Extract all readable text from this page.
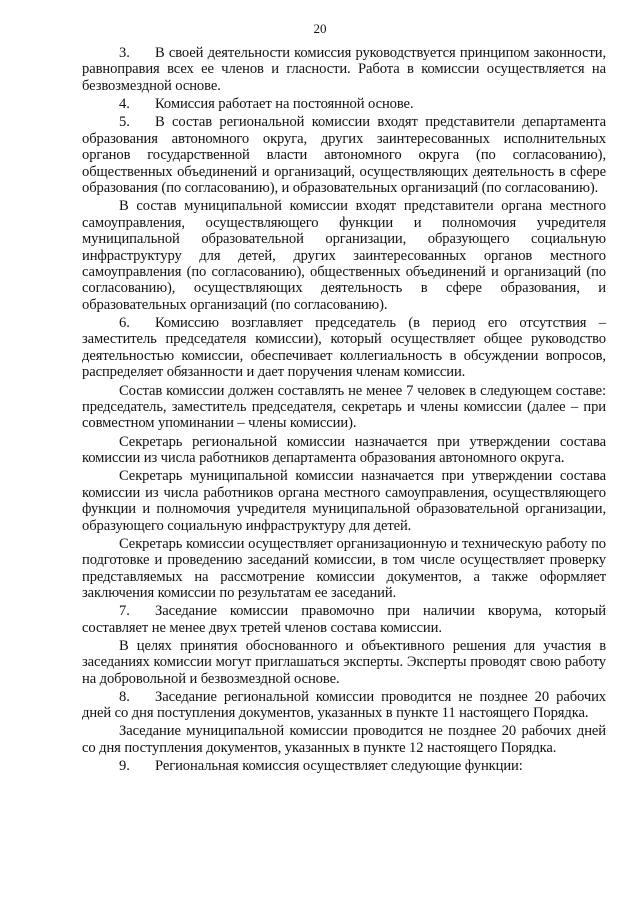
20

3. В своей деятельности комиссия руководствуется принципом законности, равноправия всех ее членов и гласности. Работа в комиссии осуществляется на безвозмездной основе.

4. Комиссия работает на постоянной основе.

5. В состав региональной комиссии входят представители департамента образования автономного округа, других заинтересованных исполнительных органов государственной власти автономного округа (по согласованию), общественных объединений и организаций, осуществляющих деятельность в сфере образования (по согласованию), и образовательных организаций (по согласованию).

В состав муниципальной комиссии входят представители органа местного самоуправления, осуществляющего функции и полномочия учредителя муниципальной образовательной организации, образующего социальную инфраструктуру для детей, других заинтересованных органов местного самоуправления (по согласованию), общественных объединений и организаций (по согласованию), осуществляющих деятельность в сфере образования, и образовательных организаций (по согласованию).

6. Комиссию возглавляет председатель (в период его отсутствия – заместитель председателя комиссии), который осуществляет общее руководство деятельностью комиссии, обеспечивает коллегиальность в обсуждении вопросов, распределяет обязанности и дает поручения членам комиссии.

Состав комиссии должен составлять не менее 7 человек в следующем составе: председатель, заместитель председателя, секретарь и члены комиссии (далее – при совместном упоминании – члены комиссии).

Секретарь региональной комиссии назначается при утверждении состава комиссии из числа работников департамента образования автономного округа.

Секретарь муниципальной комиссии назначается при утверждении состава комиссии из числа работников органа местного самоуправления, осуществляющего функции и полномочия учредителя муниципальной образовательной организации, образующего социальную инфраструктуру для детей.

Секретарь комиссии осуществляет организационную и техническую работу по подготовке и проведению заседаний комиссии, в том числе осуществляет проверку представляемых на рассмотрение комиссии документов, а также оформляет заключения комиссии по результатам ее заседаний.

7. Заседание комиссии правомочно при наличии кворума, который составляет не менее двух третей членов состава комиссии.

В целях принятия обоснованного и объективного решения для участия в заседаниях комиссии могут приглашаться эксперты. Эксперты проводят свою работу на добровольной и безвозмездной основе.

8. Заседание региональной комиссии проводится не позднее 20 рабочих дней со дня поступления документов, указанных в пункте 11 настоящего Порядка.

Заседание муниципальной комиссии проводится не позднее 20 рабочих дней со дня поступления документов, указанных в пункте 12 настоящего Порядка.

9. Региональная комиссия осуществляет следующие функции:
